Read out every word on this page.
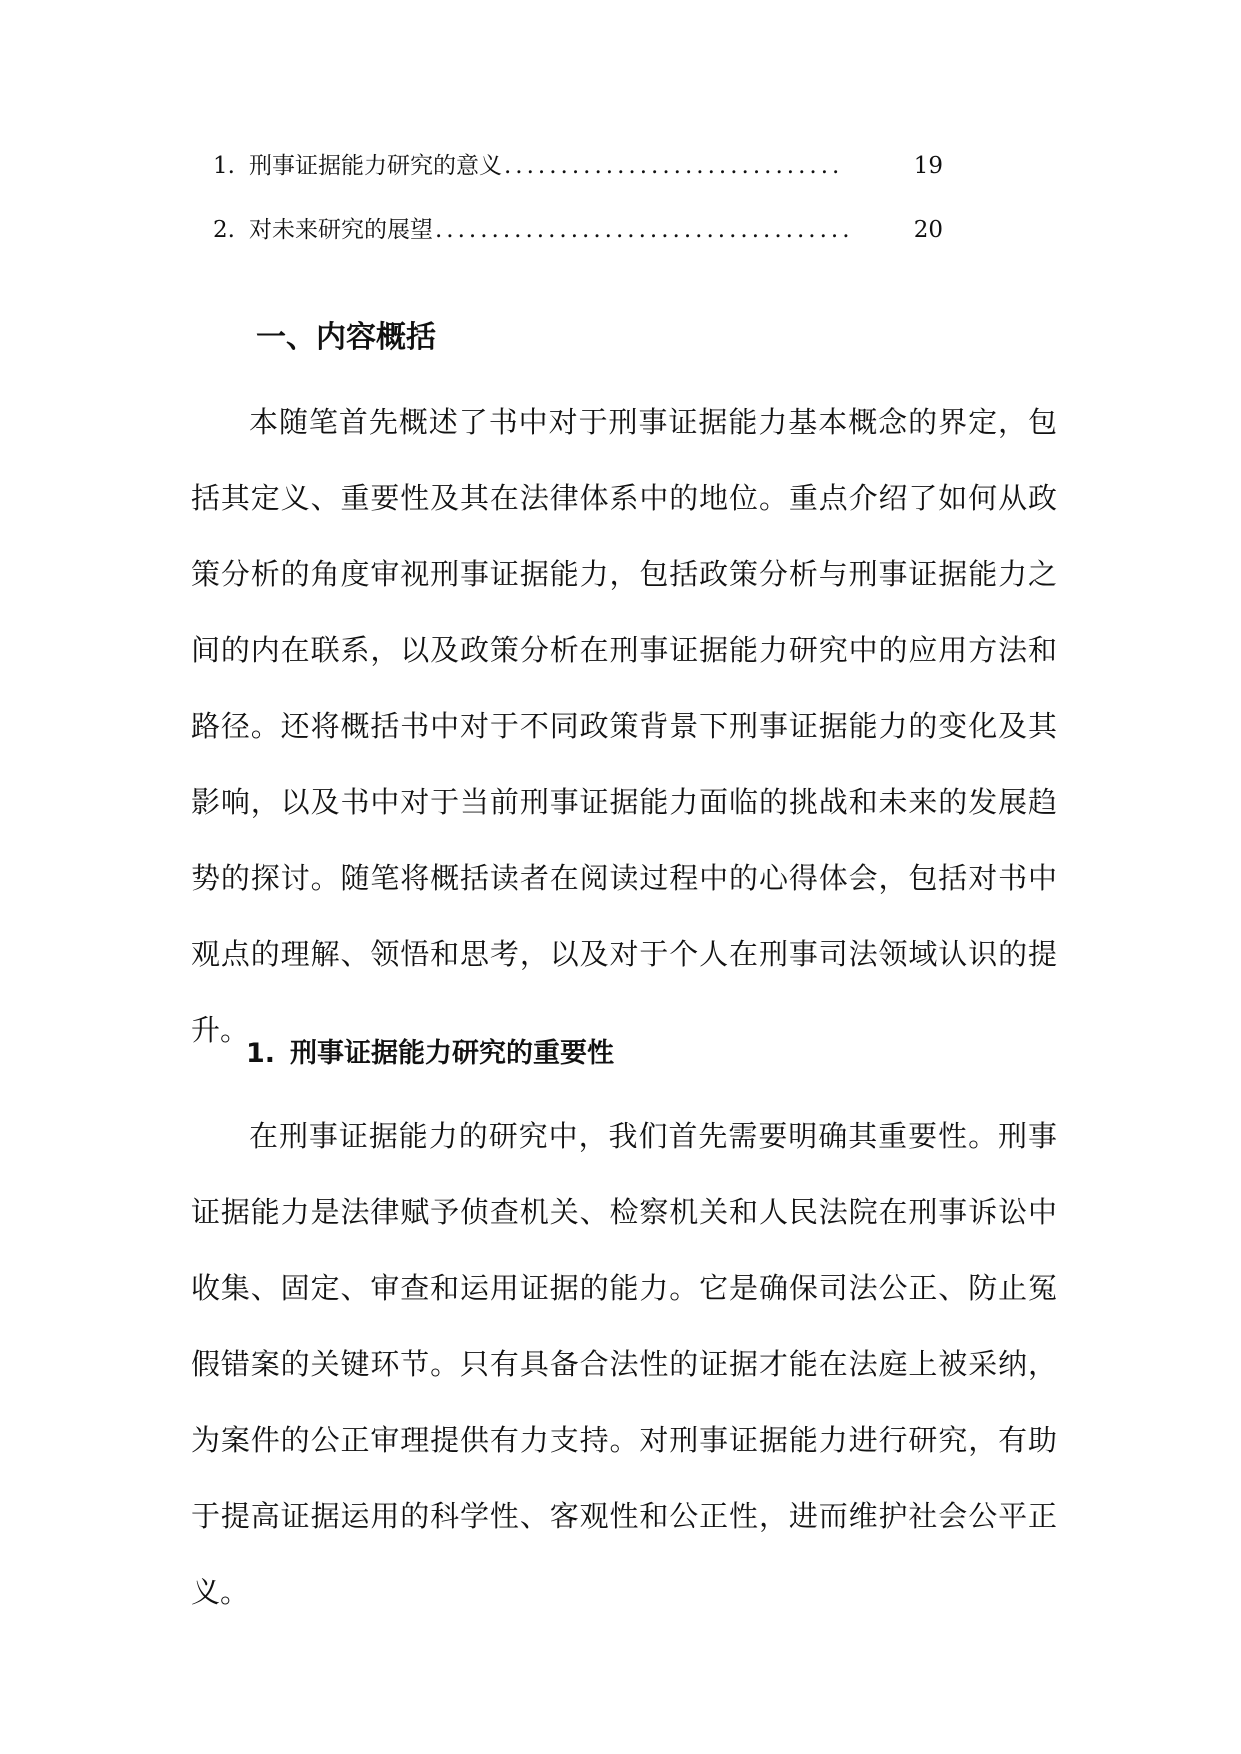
1. 刑事证据能力研究的意义 ..............................	19
2. 对未来研究的展望 .....................................	20
一、内容概括

本随笔首先概述了书中对于刑事证据能力基本概念的界定，包括其定义、重要性及其在法律体系中的地位。重点介绍了如何从政策分析的角度审视刑事证据能力，包括政策分析与刑事证据能力之间的内在联系，以及政策分析在刑事证据能力研究中的应用方法和路径。还将概括书中对于不同政策背景下刑事证据能力的变化及其影响，以及书中对于当前刑事证据能力面临的挑战和未来的发展趋势的探讨。随笔将概括读者在阅读过程中的心得体会，包括对书中观点的理解、领悟和思考，以及对于个人在刑事司法领域认识的提升。

1. 刑事证据能力研究的重要性

在刑事证据能力的研究中，我们首先需要明确其重要性。刑事证据能力是法律赋予侦查机关、检察机关和人民法院在刑事诉讼中收集、固定、审查和运用证据的能力。它是确保司法公正、防止冤假错案的关键环节。只有具备合法性的证据才能在法庭上被采纳，为案件的公正审理提供有力支持。对刑事证据能力进行研究，有助于提高证据运用的科学性、客观性和公正性，进而维护社会公平正义。
